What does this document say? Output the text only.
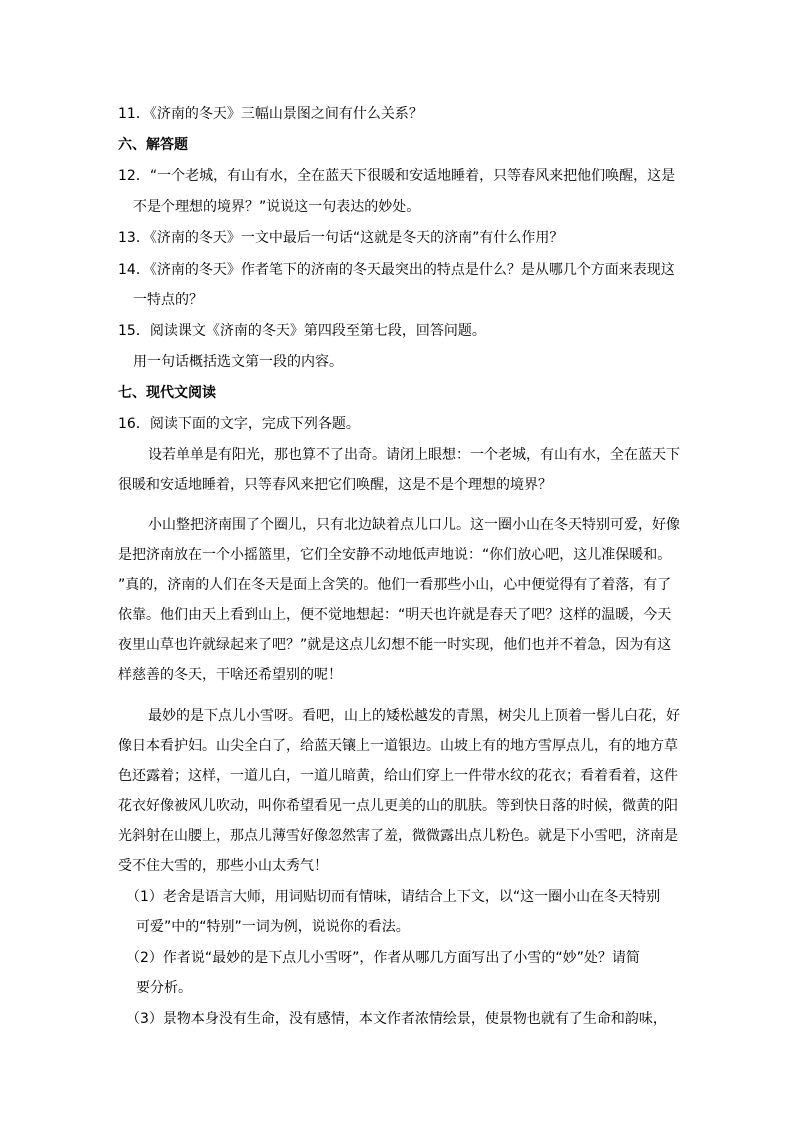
11．《济南的冬天》三幅山景图之间有什么关系？
六、解答题
12．“一个老城，有山有水，全在蓝天下很暖和安适地睡着，只等春风来把他们唤醒，这是
不是个理想的境界？”说说这一句表达的妙处。
13．《济南的冬天》一文中最后一句话“这就是冬天的济南”有什么作用？
14．《济南的冬天》作者笔下的济南的冬天最突出的特点是什么？是从哪几个方面来表现这
一特点的？
15．阅读课文《济南的冬天》第四段至第七段，回答问题。
用一句话概括选文第一段的内容。
七、现代文阅读
16．阅读下面的文字，完成下列各题。
设若单单是有阳光，那也算不了出奇。请闭上眼想：一个老城，有山有水，全在蓝天下
很暖和安适地睡着，只等春风来把它们唤醒，这是不是个理想的境界？
小山整把济南围了个圈儿，只有北边缺着点儿口儿。这一圈小山在冬天特别可爱，好像
是把济南放在一个小摇篮里，它们全安静不动地低声地说：“你们放心吧，这儿准保暖和。
”真的，济南的人们在冬天是面上含笑的。他们一看那些小山，心中便觉得有了着落，有了
依靠。他们由天上看到山上，便不觉地想起：“明天也许就是春天了吧？这样的温暖，今天
夜里山草也许就绿起来了吧？”就是这点儿幻想不能一时实现，他们也并不着急，因为有这
样慈善的冬天，干啥还希望别的呢！
最妙的是下点儿小雪呀。看吧，山上的矮松越发的青黑，树尖儿上顶着一髻儿白花，好
像日本看护妇。山尖全白了，给蓝天镶上一道银边。山坡上有的地方雪厚点儿，有的地方草
色还露着；这样，一道儿白，一道儿暗黄，给山们穿上一件带水纹的花衣；看着看着，这件
花衣好像被风儿吹动，叫你希望看见一点儿更美的山的肌肤。等到快日落的时候，微黄的阳
光斜射在山腰上，那点儿薄雪好像忽然害了羞，微微露出点儿粉色。就是下小雪吧，济南是
受不住大雪的，那些小山太秀气！
（1）老舍是语言大师，用词贴切而有情味，请结合上下文，以“这一圈小山在冬天特别
可爱”中的“特别”一词为例，说说你的看法。
（2）作者说“最妙的是下点儿小雪呀”，作者从哪几方面写出了小雪的“妙”处？请简
要分析。
（3）景物本身没有生命，没有感情，本文作者浓情绘景，使景物也就有了生命和韵味，
